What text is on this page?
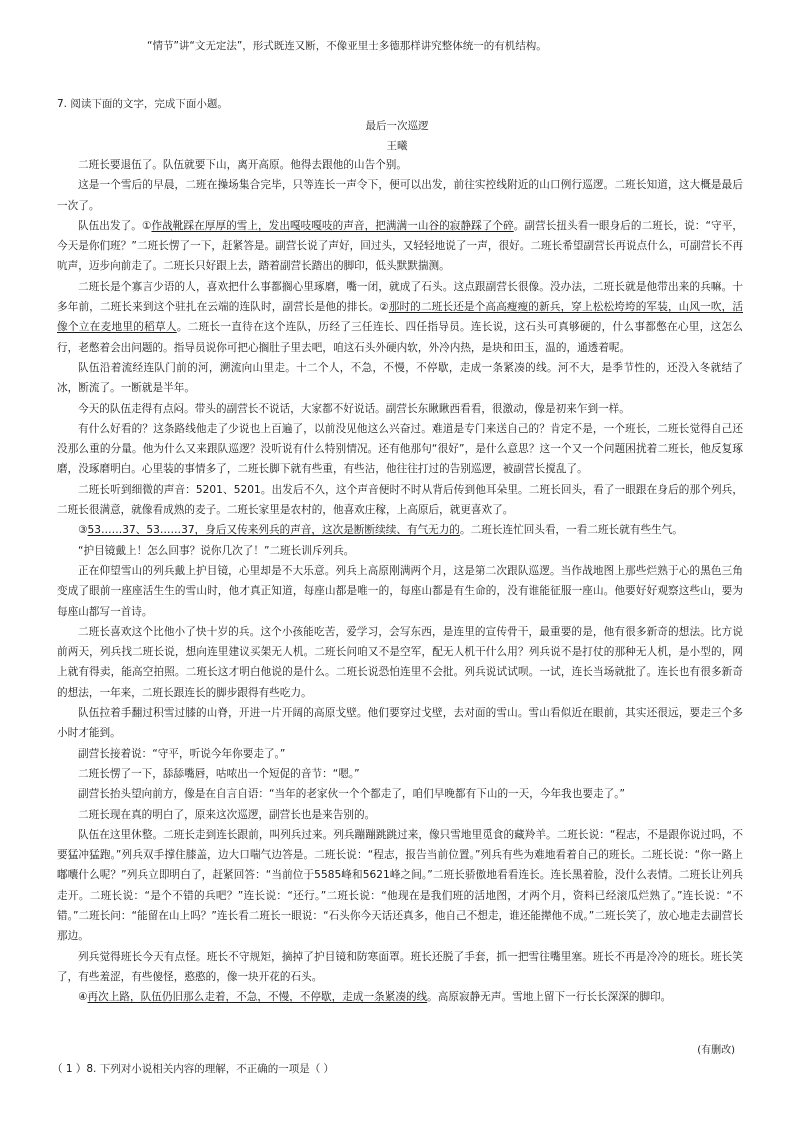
“情节”讲“文无定法”，形式既连又断，不像亚里士多德那样讲究整体统一的有机结构。
7. 阅读下面的文字，完成下面小题。
最后一次巡逻
王曦

二班长要退伍了。队伍就要下山，离开高原。他得去跟他的山告个别。

这是一个雪后的早晨，二班在操场集合完毕，只等连长一声令下，便可以出发，前往实控线附近的山口例行巡逻。二班长知道，这大概是最后一次了。

队伍出发了。①作战靴踩在厚厚的雪上，发出嘎吱嘎吱的声音，把满满一山谷的寂静踩了个碎。副营长扭头看一眼身后的二班长，说：“守平，今天是你们班？”二班长愣了一下，赶紧答是。副营长说了声好，回过头，又轻轻地说了一声，很好。二班长希望副营长再说点什么，可副营长不再吭声，迈步向前走了。二班长只好跟上去，踏着副营长踏出的脚印，低头默默揣测。

二班长是个寡言少语的人，喜欢把什么事都搁心里琢磨，嘴一闭，就成了石头。这点跟副营长很像。没办法，二班长就是他带出来的兵嘛。十多年前，二班长来到这个驻扎在云端的连队时，副营长是他的排长。②那时的二班长还是个高高瘦瘦的新兵，穿上松松垮垮的军装，山风一吹，活像个立在麦地里的稻草人。二班长一直待在这个连队，历经了三任连长、四任指导员。连长说，这石头可真够硬的，什么事都憋在心里，这怎么行，老憋着会出问题的。指导员说你可把心搁肚子里去吧，咱这石头外硬内软，外冷内热，是块和田玉，温的，通透着呢。

队伍沿着流经连队门前的河，溯流向山里走。十二个人，不急，不慢，不停歇，走成一条紧凑的线。河不大，是季节性的，还没入冬就结了冰，断流了。一断就是半年。

今天的队伍走得有点闷。带头的副营长不说话，大家都不好说话。副营长东瞅瞅西看看，很激动，像是初来乍到一样。

有什么好看的？这条路线他走了少说也上百遍了，以前没见他这么兴奋过。难道是专门来送自己的？肯定不是，一个班长，二班长觉得自己还没那么重的分量。他为什么又来跟队巡逻？没听说有什么特别情况。还有他那句“很好”，是什么意思？这一个又一个问题困扰着二班长，他反复琢磨，没琢磨明白。心里装的事情多了，二班长脚下就有些重，有些沾，他往往打过的告别巡逻，被副营长搅乱了。

二班长听到细微的声音：5201、5201。出发后不久，这个声音便时不时从背后传到他耳朵里。二班长回头，看了一眼跟在身后的那个列兵，二班长很满意，就像看成熟的麦子。二班长家里是农村的，他喜欢庄稼，上高原后，就更喜欢了。

③53……37、53……37，身后又传来列兵的声音，这次是断断续续、有气无力的。二班长连忙回头看，一看二班长就有些生气。

“护目镜戴上！怎么回事？说你几次了！”二班长训斥列兵。

正在仰望雪山的列兵戴上护目镜，心里却是不大乐意。列兵上高原刚满两个月，这是第二次跟队巡逻。当作战地图上那些烂熟于心的黑色三角变成了眼前一座座活生生的雪山时，他才真正知道，每座山都是唯一的，每座山都是有生命的，没有谁能征服一座山。他要好好观察这些山，要为每座山都写一首诗。

二班长喜欢这个比他小了快十岁的兵。这个小孩能吃苦，爱学习，会写东西，是连里的宣传骨干，最重要的是，他有很多新奇的想法。比方说前两天，列兵找二班长说，想向连里建议买架无人机。二班长问咱又不是空军，配无人机干什么用？列兵说不是打仗的那种无人机，是小型的，网上就有得卖，能高空拍照。二班长这才明白他说的是什么。二班长说恐怕连里不会批。列兵说试试呗。一试，连长当场就批了。连长也有很多新奇的想法，一年来，二班长跟连长的脚步跟得有些吃力。

队伍拉着手翻过积雪过膝的山脊，开进一片开阔的高原戈壁。他们要穿过戈壁，去对面的雪山。雪山看似近在眼前，其实还很远，要走三个多小时才能到。

副营长接着说：“守平，听说今年你要走了。”

二班长愣了一下，舔舔嘴唇，咕哝出一个短促的音节：“嗯。”

副营长抬头望向前方，像是在自言自语：“当年的老家伙一个个都走了，咱们早晚都有下山的一天，今年我也要走了。”

二班长现在真的明白了，原来这次巡逻，副营长也是来告别的。

队伍在这里休整。二班长走到连长跟前，叫列兵过来。列兵蹦蹦跳跳过来，像只雪地里觅食的藏羚羊。二班长说：“程志，不是跟你说过吗，不要猛冲猛跑。”列兵双手撑住膝盖，边大口喘气边答是。二班长说：“程志，报告当前位置。”列兵有些为难地看着自己的班长。二班长说：“你一路上嘟囔什么呢？”列兵立即明白了，赶紧回答：“当前位于5585峰和5621峰之间。”二班长骄傲地看看连长。连长黑着脸，没什么表情。二班长让列兵走开。二班长说：“是个不错的兵吧？”连长说：“还行。”二班长说：“他现在是我们班的活地图，才两个月，资料已经滚瓜烂熟了。”连长说：“不错。”二班长问：“能留在山上吗？”连长看二班长一眼说：“石头你今天话还真多，他自己不想走，谁还能撵他不成。”二班长笑了，放心地走去副营长那边。

列兵觉得班长今天有点怪。班长不守规矩，摘掉了护目镜和防寒面罩。班长还脱了手套，抓一把雪往嘴里塞。班长不再是冷冷的班长。班长笑了，有些羞涩，有些傻怪，憨憨的，像一块开花的石头。

④再次上路，队伍仍旧那么走着，不急，不慢，不停歇，走成一条紧凑的线。高原寂静无声。雪地上留下一行长长深深的脚印。

(有删改)
（ 1 ）8. 下列对小说相关内容的理解，不正确的一项是（ ）
